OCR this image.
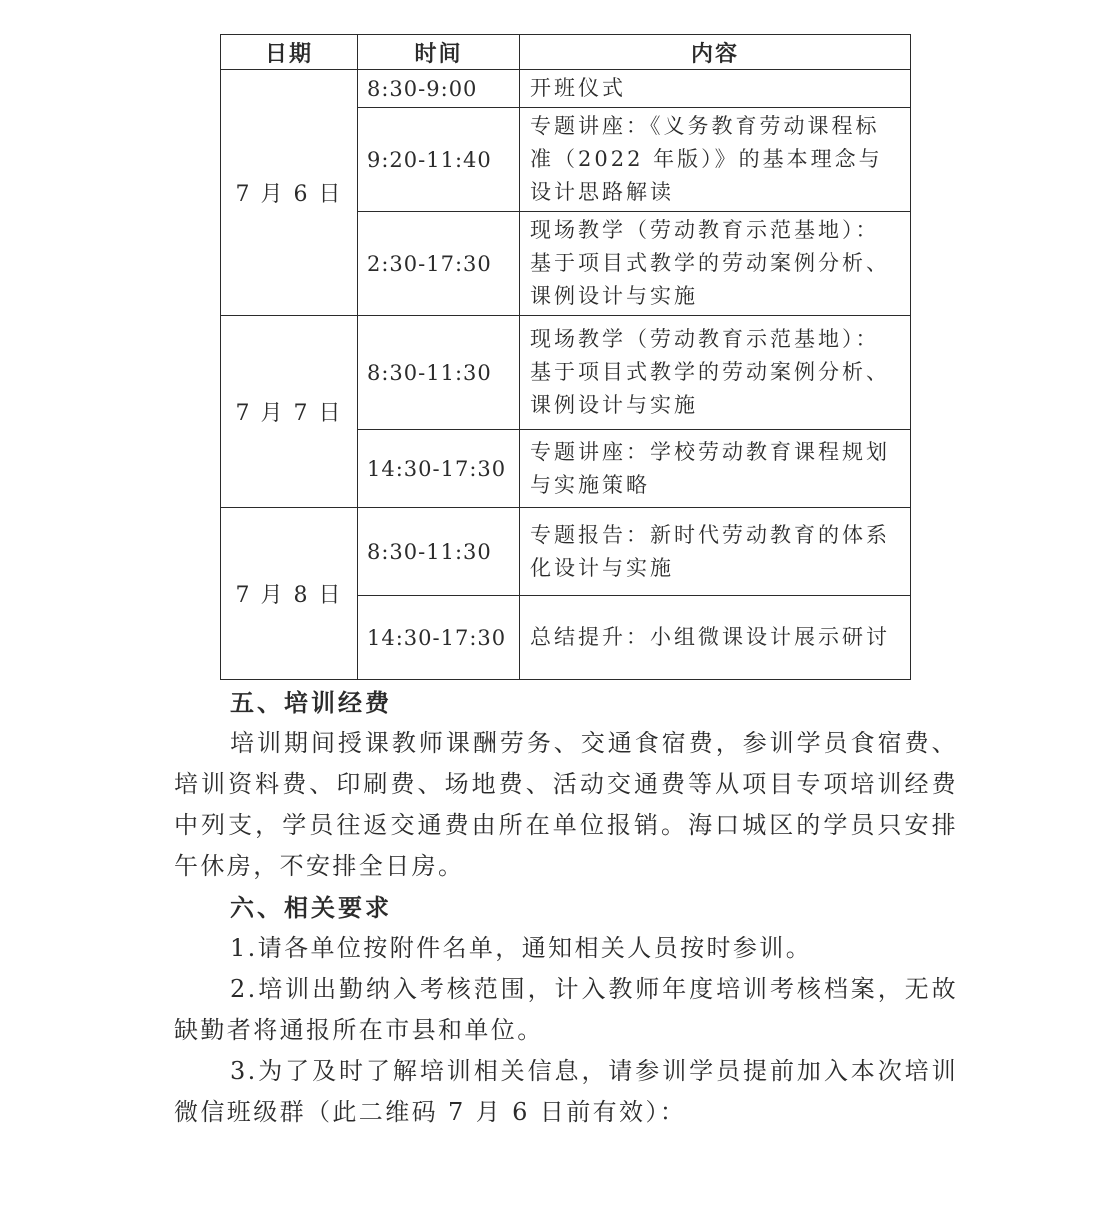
日期	时间	内容
7 月 6 日	8:30-9:00	开班仪式
	9:20-11:40	专题讲座：《义务教育劳动课程标准（2022 年版）》的基本理念与设计思路解读
	2:30-17:30	现场教学（劳动教育示范基地）：基于项目式教学的劳动案例分析、课例设计与实施
7 月 7 日	8:30-11:30	现场教学（劳动教育示范基地）：基于项目式教学的劳动案例分析、课例设计与实施
	14:30-17:30	专题讲座：学校劳动教育课程规划与实施策略
7 月 8 日	8:30-11:30	专题报告：新时代劳动教育的体系化设计与实施
	14:30-17:30	总结提升：小组微课设计展示研讨

五、培训经费

培训期间授课教师课酬劳务、交通食宿费，参训学员食宿费、培训资料费、印刷费、场地费、活动交通费等从项目专项培训经费中列支，学员往返交通费由所在单位报销。海口城区的学员只安排午休房，不安排全日房。

六、相关要求

1.请各单位按附件名单，通知相关人员按时参训。

2.培训出勤纳入考核范围，计入教师年度培训考核档案，无故缺勤者将通报所在市县和单位。

3.为了及时了解培训相关信息，请参训学员提前加入本次培训微信班级群（此二维码 7 月 6 日前有效）：
